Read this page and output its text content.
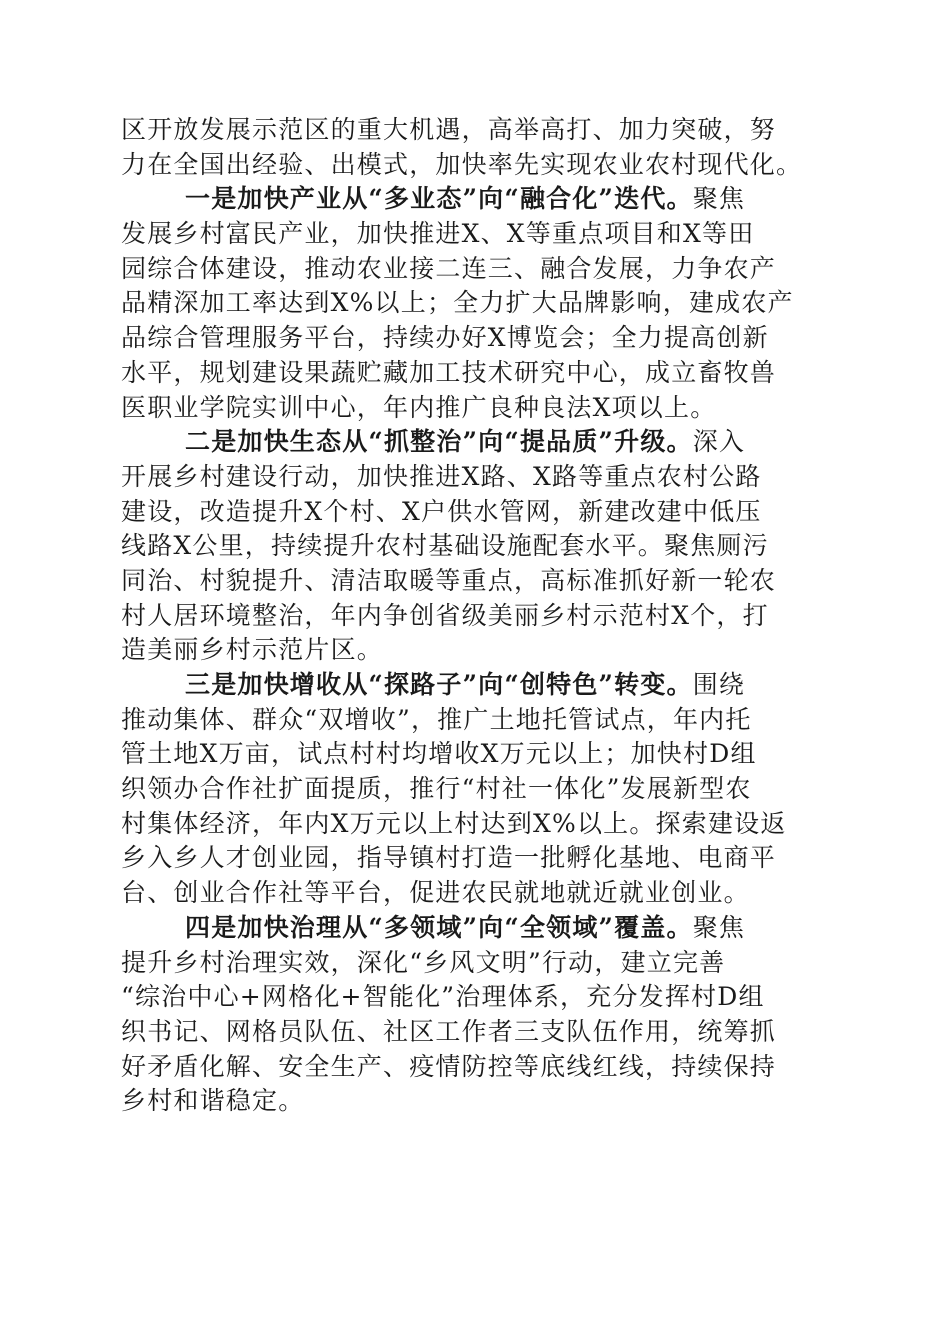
区开放发展示范区的重大机遇，高举高打、加力突破，努
力在全国出经验、出模式，加快率先实现农业农村现代化。
一是加快产业从“多业态”向“融合化”迭代。聚焦
发展乡村富民产业，加快推进X、X等重点项目和X等田
园综合体建设，推动农业接二连三、融合发展，力争农产
品精深加工率达到X%以上；全力扩大品牌影响，建成农产
品综合管理服务平台，持续办好X博览会；全力提高创新
水平，规划建设果蔬贮藏加工技术研究中心，成立畜牧兽
医职业学院实训中心，年内推广良种良法X项以上。
二是加快生态从“抓整治”向“提品质”升级。深入
开展乡村建设行动，加快推进X路、X路等重点农村公路
建设，改造提升X个村、X户供水管网，新建改建中低压
线路X公里，持续提升农村基础设施配套水平。聚焦厕污
同治、村貌提升、清洁取暖等重点，高标准抓好新一轮农
村人居环境整治，年内争创省级美丽乡村示范村X个，打
造美丽乡村示范片区。
三是加快增收从“探路子”向“创特色”转变。围绕
推动集体、群众“双增收”，推广土地托管试点，年内托
管土地X万亩，试点村村均增收X万元以上；加快村D组
织领办合作社扩面提质，推行“村社一体化”发展新型农
村集体经济，年内X万元以上村达到X%以上。探索建设返
乡入乡人才创业园，指导镇村打造一批孵化基地、电商平
台、创业合作社等平台，促进农民就地就近就业创业。
四是加快治理从“多领域”向“全领域”覆盖。聚焦
提升乡村治理实效，深化“乡风文明”行动，建立完善
“综治中心+网格化+智能化”治理体系，充分发挥村D组
织书记、网格员队伍、社区工作者三支队伍作用，统筹抓
好矛盾化解、安全生产、疫情防控等底线红线，持续保持
乡村和谐稳定。
